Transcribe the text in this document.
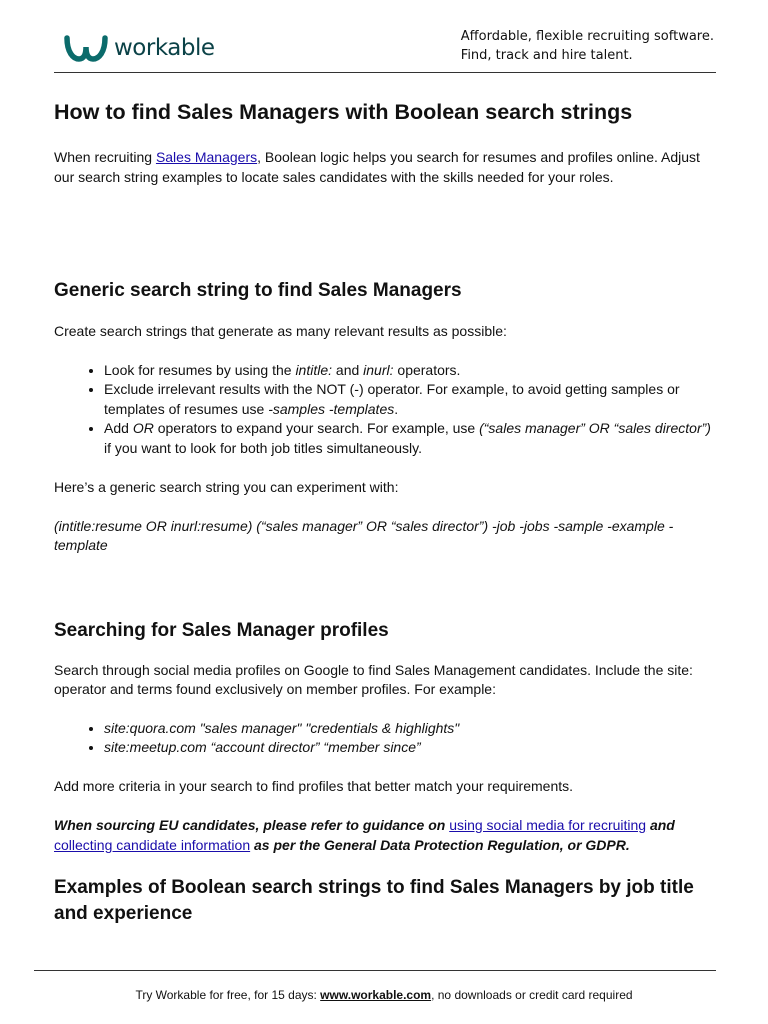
workable	Affordable, flexible recruiting software.
Find, track and hire talent.
How to find Sales Managers with Boolean search strings

When recruiting Sales Managers, Boolean logic helps you search for resumes and profiles online. Adjust our search string examples to locate sales candidates with the skills needed for your roles.

Generic search string to find Sales Managers

Create search strings that generate as many relevant results as possible:

• Look for resumes by using the intitle: and inurl: operators.
• Exclude irrelevant results with the NOT (-) operator. For example, to avoid getting samples or templates of resumes use -samples -templates.
• Add OR operators to expand your search. For example, use (“sales manager” OR “sales director”) if you want to look for both job titles simultaneously.

Here’s a generic search string you can experiment with:

(intitle:resume OR inurl:resume) (“sales manager” OR “sales director”) -job -jobs -sample -example -template

Searching for Sales Manager profiles

Search through social media profiles on Google to find Sales Management candidates. Include the site: operator and terms found exclusively on member profiles. For example:

• site:quora.com "sales manager" "credentials & highlights"
• site:meetup.com “account director” “member since”

Add more criteria in your search to find profiles that better match your requirements.

When sourcing EU candidates, please refer to guidance on using social media for recruiting and collecting candidate information as per the General Data Protection Regulation, or GDPR.

Examples of Boolean search strings to find Sales Managers by job title and experience
Try Workable for free, for 15 days: www.workable.com, no downloads or credit card required
